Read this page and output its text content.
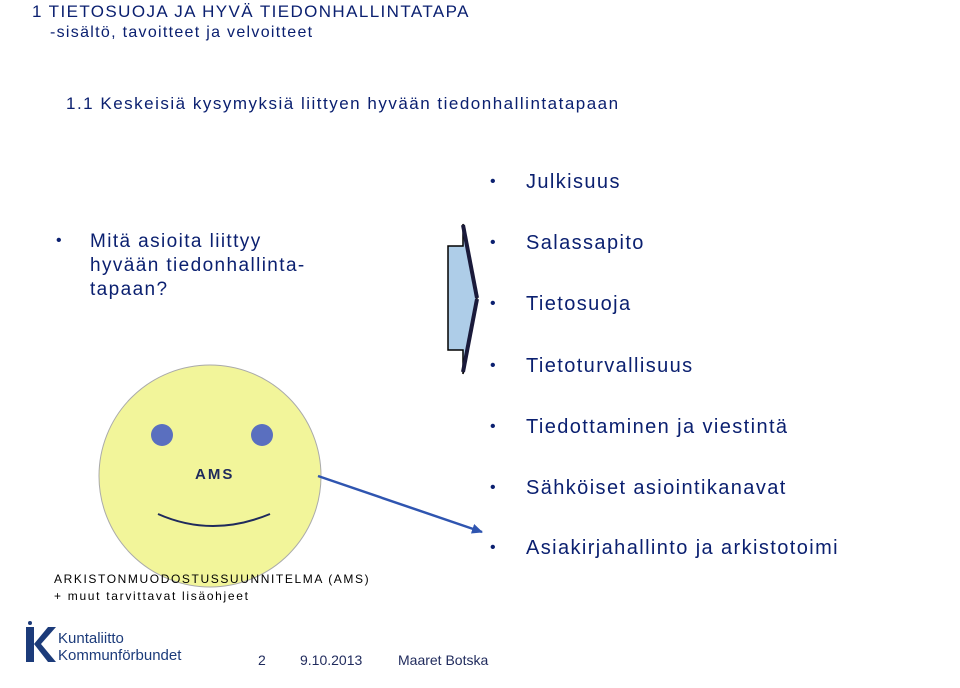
1 TIETOSUOJA JA HYVÄ TIEDONHALLINTATAPA
-sisältö, tavoitteet ja velvoitteet
1.1 Keskeisiä kysymyksiä liittyen hyvään tiedonhallintatapaan
• Mitä asioita liittyy
hyvään tiedonhallinta-
tapaan?
AMS
• Julkisuus
• Salassapito
• Tietosuoja
• Tietoturvallisuus
• Tiedottaminen ja viestintä
• Sähköiset asiointikanavat
• Asiakirjahallinto ja arkistotoimi
ARKISTONMUODOSTUSSUUNNITELMA (AMS)
+ muut tarvittavat lisäohjeet
Kuntaliitto
Kommunförbundet	2 9.10.2013	Maaret Botska
